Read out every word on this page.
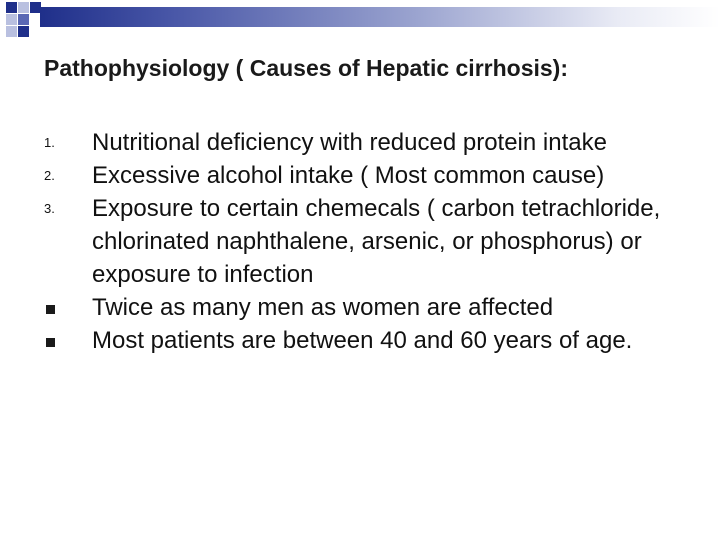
Pathophysiology ( Causes of Hepatic cirrhosis):
1.	Nutritional deficiency with reduced protein intake
2.	Excessive alcohol intake ( Most common cause)
3.	Exposure to certain chemecals ( carbon tetrachloride, chlorinated naphthalene, arsenic, or phosphorus) or exposure to infection
Twice as many men as women are affected
Most patients are between 40 and 60 years of age.
